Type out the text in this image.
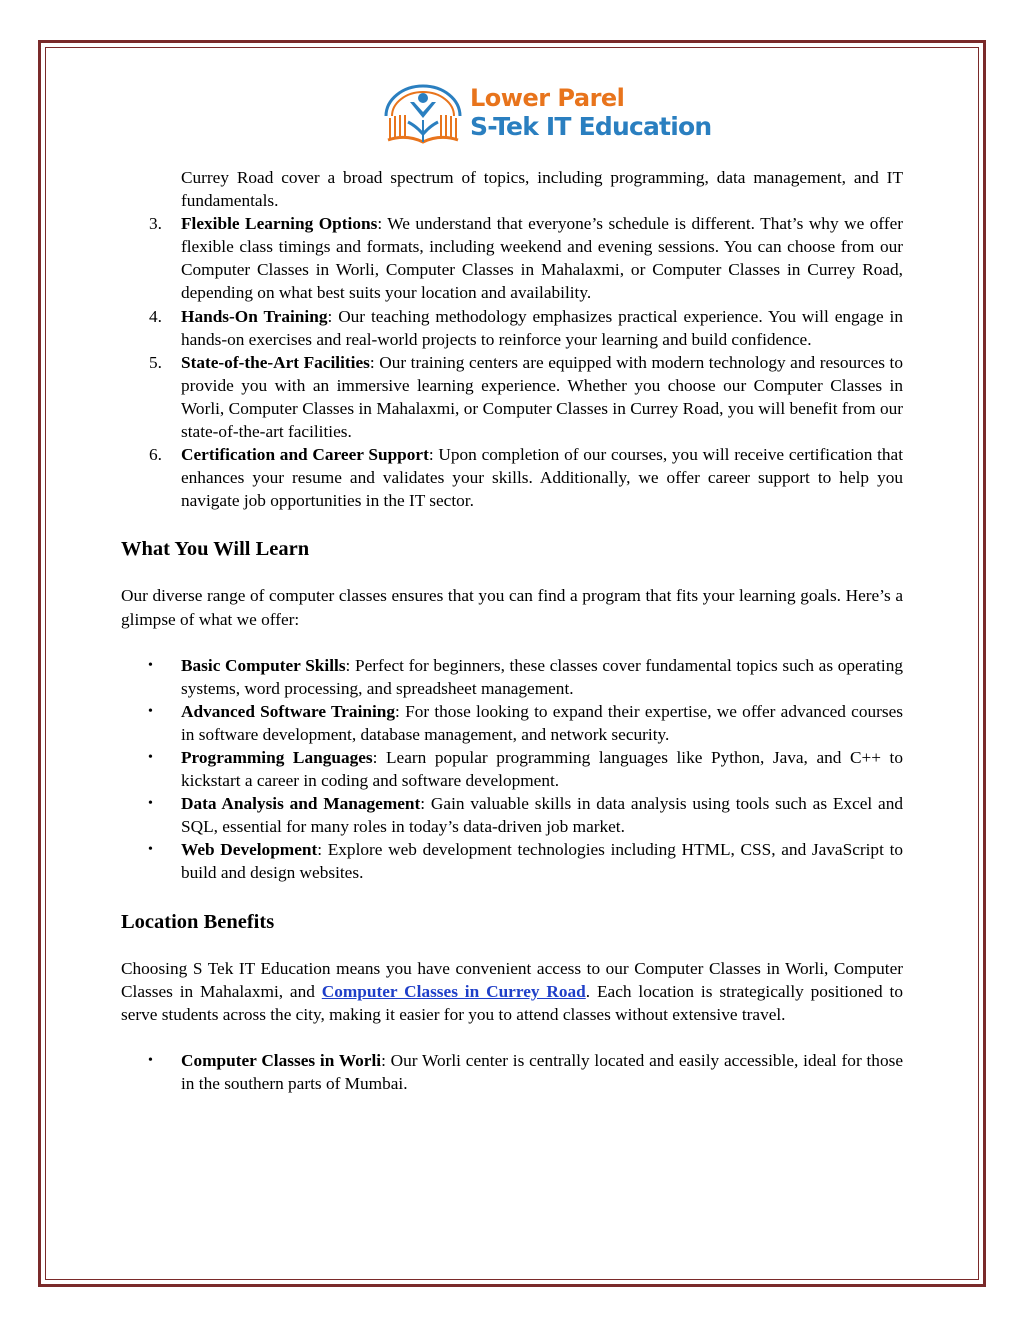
Lower Parel
S-Tek IT Education

Currey Road cover a broad spectrum of topics, including programming, data management, and IT fundamentals.

3. Flexible Learning Options: We understand that everyone’s schedule is different. That’s why we offer flexible class timings and formats, including weekend and evening sessions. You can choose from our Computer Classes in Worli, Computer Classes in Mahalaxmi, or Computer Classes in Currey Road, depending on what best suits your location and availability.
4. Hands-On Training: Our teaching methodology emphasizes practical experience. You will engage in hands-on exercises and real-world projects to reinforce your learning and build confidence.
5. State-of-the-Art Facilities: Our training centers are equipped with modern technology and resources to provide you with an immersive learning experience. Whether you choose our Computer Classes in Worli, Computer Classes in Mahalaxmi, or Computer Classes in Currey Road, you will benefit from our state-of-the-art facilities.
6. Certification and Career Support: Upon completion of our courses, you will receive certification that enhances your resume and validates your skills. Additionally, we offer career support to help you navigate job opportunities in the IT sector.
What You Will Learn

Our diverse range of computer classes ensures that you can find a program that fits your learning goals. Here’s a glimpse of what we offer:

• Basic Computer Skills: Perfect for beginners, these classes cover fundamental topics such as operating systems, word processing, and spreadsheet management.
• Advanced Software Training: For those looking to expand their expertise, we offer advanced courses in software development, database management, and network security.
• Programming Languages: Learn popular programming languages like Python, Java, and C++ to kickstart a career in coding and software development.
• Data Analysis and Management: Gain valuable skills in data analysis using tools such as Excel and SQL, essential for many roles in today’s data-driven job market.
• Web Development: Explore web development technologies including HTML, CSS, and JavaScript to build and design websites.
Location Benefits

Choosing S Tek IT Education means you have convenient access to our Computer Classes in Worli, Computer Classes in Mahalaxmi, and Computer Classes in Currey Road. Each location is strategically positioned to serve students across the city, making it easier for you to attend classes without extensive travel.

• Computer Classes in Worli: Our Worli center is centrally located and easily accessible, ideal for those in the southern parts of Mumbai.
